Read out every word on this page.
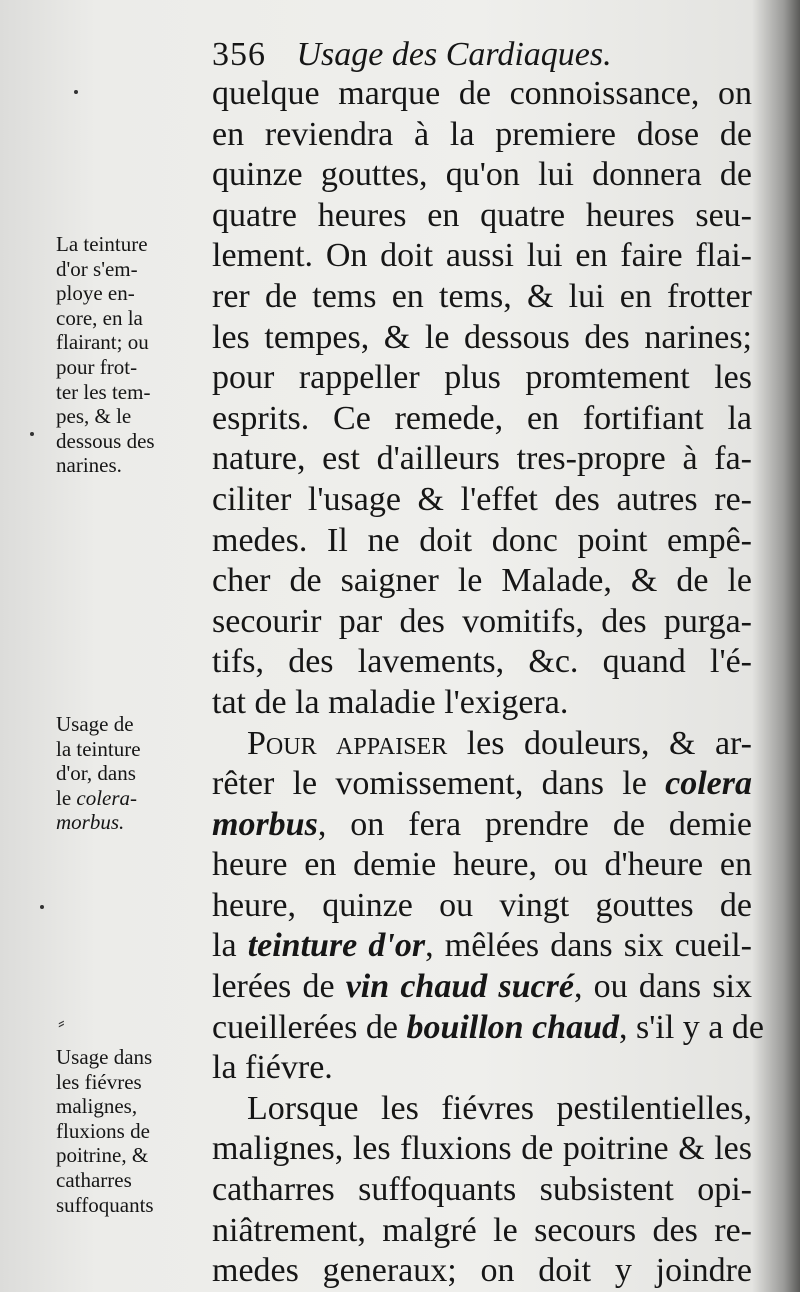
356 Usage des Cardiaques.
quelque marque de connoissance, on
en reviendra à la premiere dose de
quinze gouttes, qu'on lui donnera de
quatre heures en quatre heures seu-
lement. On doit aussi lui en faire flai-
rer de tems en tems, & lui en frotter
les tempes, & le dessous des narines;
pour rappeller plus promtement les
esprits. Ce remede, en fortifiant la
nature, est d'ailleurs tres-propre à fa-
ciliter l'usage & l'effet des autres re-
medes. Il ne doit donc point empê-
cher de saigner le Malade, & de le
secourir par des vomitifs, des purga-
tifs, des lavements, &c. quand l'é-
tat de la maladie l'exigera.
Pour appaiser les douleurs, & ar-
rêter le vomissement, dans le colera
morbus, on fera prendre de demie
heure en demie heure, ou d'heure en
heure, quinze ou vingt gouttes de
la teinture d'or, mêlées dans six cueil-
lerées de vin chaud sucré, ou dans six
cueillerées de bouillon chaud, s'il y a de
la fiévre.
Lorsque les fiévres pestilentielles,
malignes, les fluxions de poitrine & les
catharres suffoquants subsistent opi-
niâtrement, malgré le secours des re-
medes generaux; on doit y joindre
La teinture
d'or s'em-
ploye en-
core, en la
flairant; ou
pour frot-
ter les tem-
pes, & le
dessous des
narines.
Usage de
la teinture
d'or, dans
le colera-
morbus.
Usage dans
les fiévres
malignes,
fluxions de
poitrine, &
catharres
suffoquants
⸗
